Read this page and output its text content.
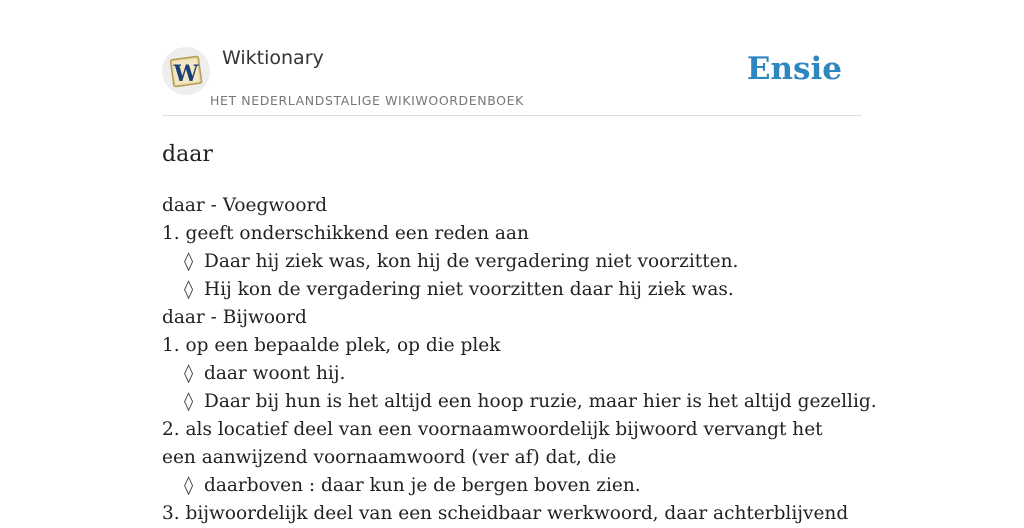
W
Wiktionary
HET NEDERLANDSTALIGE WIKIWOORDENBOEK
Ensie
daar
daar - Voegwoord
1. geeft onderschikkend een reden aan
◊ Daar hij ziek was, kon hij de vergadering niet voorzitten.
◊ Hij kon de vergadering niet voorzitten daar hij ziek was.
daar - Bijwoord
1. op een bepaalde plek, op die plek
◊ daar woont hij.
◊ Daar bij hun is het altijd een hoop ruzie, maar hier is het altijd gezellig.
2. als locatief deel van een voornaamwoordelijk bijwoord vervangt het een aanwijzend voornaamwoord (ver af) dat, die
◊ daarboven : daar kun je de bergen boven zien.
3. bijwoordelijk deel van een scheidbaar werkwoord, daar achterblijvend
